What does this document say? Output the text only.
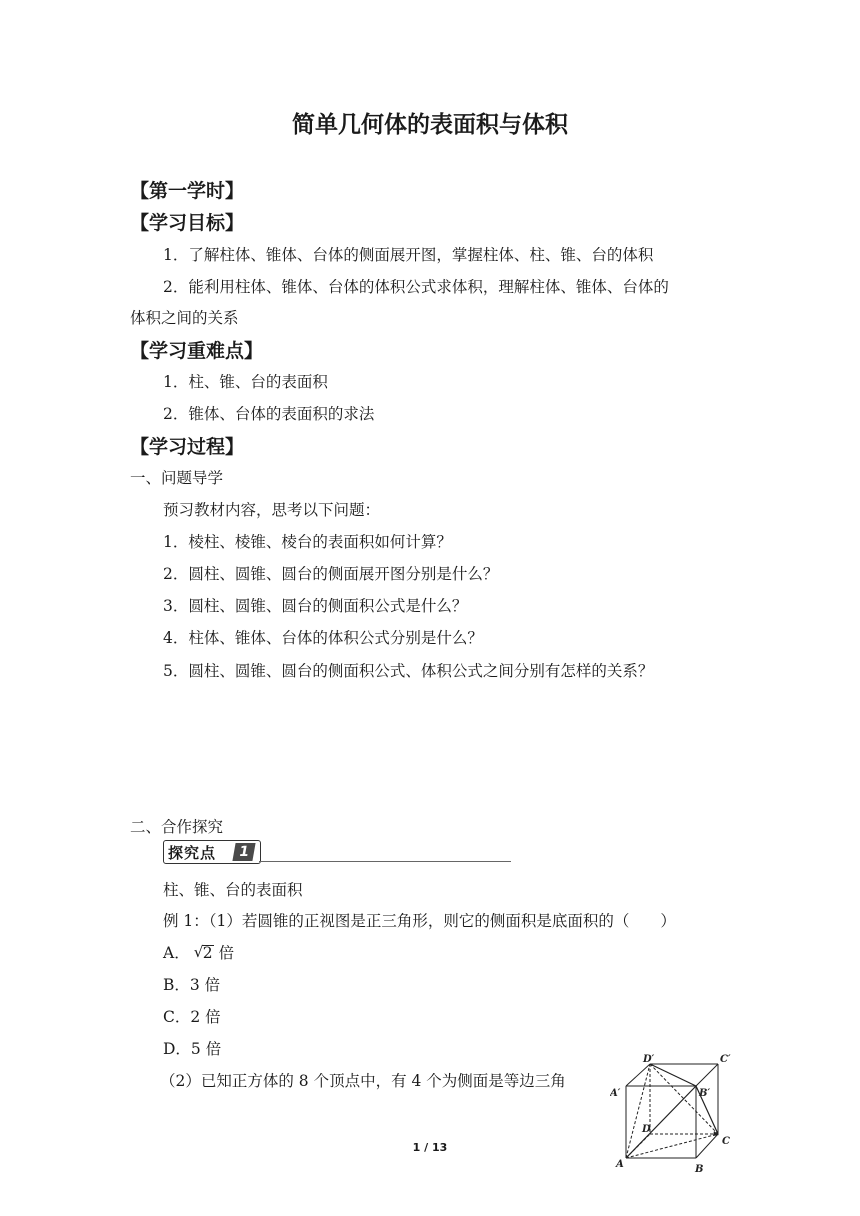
简单几何体的表面积与体积
【第一学时】
【学习目标】
1．了解柱体、锥体、台体的侧面展开图，掌握柱体、柱、锥、台的体积
2．能利用柱体、锥体、台体的体积公式求体积，理解柱体、锥体、台体的
体积之间的关系
【学习重难点】
1．柱、锥、台的表面积
2．锥体、台体的表面积的求法
【学习过程】
一、问题导学
预习教材内容，思考以下问题：
1．棱柱、棱锥、棱台的表面积如何计算？
2．圆柱、圆锥、圆台的侧面展开图分别是什么？
3．圆柱、圆锥、圆台的侧面积公式是什么？
4．柱体、锥体、台体的体积公式分别是什么？
5．圆柱、圆锥、圆台的侧面积公式、体积公式之间分别有怎样的关系？
二、合作探究
探究点	1
柱、锥、台的表面积
例 1：（1）若圆锥的正视图是正三角形，则它的侧面积是底面积的（　　）
A． √ 2 倍
B．3 倍
C．2 倍
D．5 倍
（2）已知正方体的 8 个顶点中，有 4 个为侧面是等边三角
D′	C′
A′	B′
D
C
A	B
1 / 13
